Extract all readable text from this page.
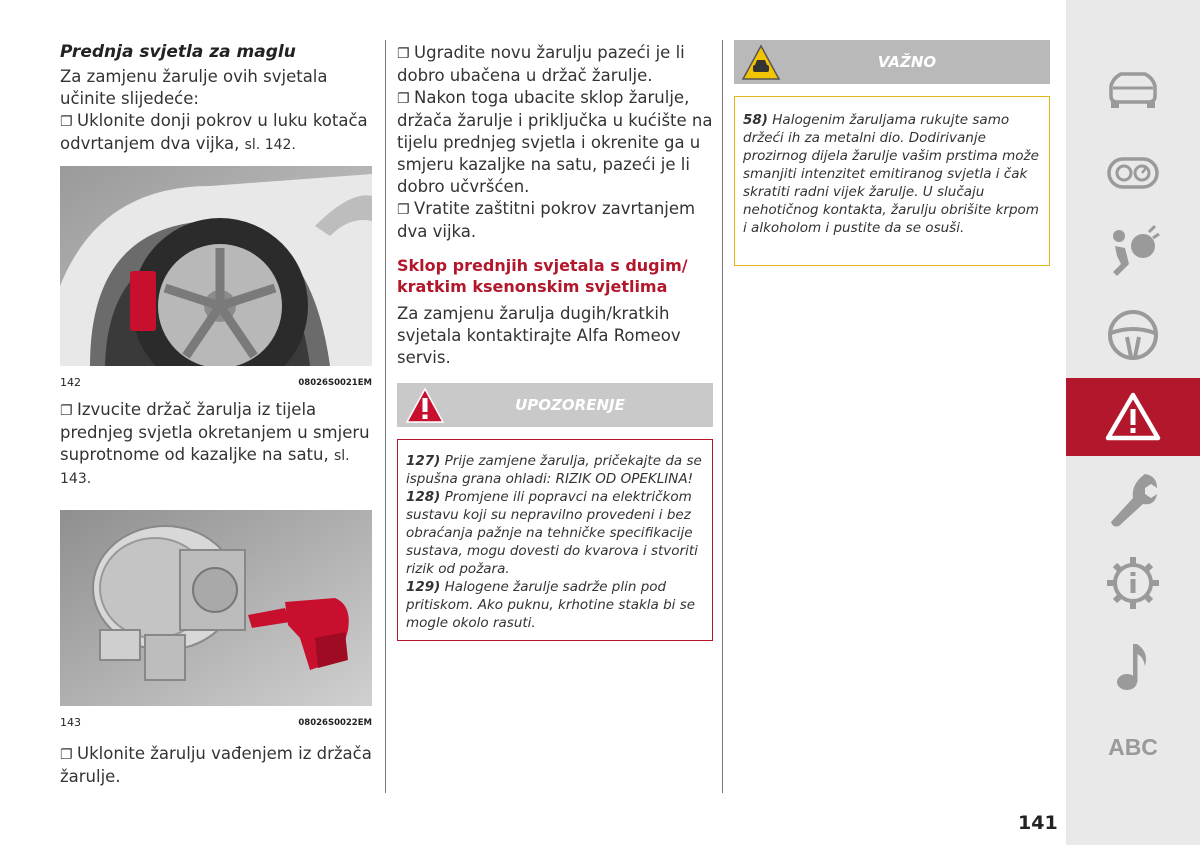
Prednja svjetla za maglu
Za zamjenu žarulje ovih svjetala učinite slijedeće:
❐ Uklonite donji pokrov u luku kotača odvrtanjem dva vijka, sl. 142.
142	08026S0021EM
❐ Izvucite držač žarulja iz tijela prednjeg svjetla okretanjem u smjeru suprotnome od kazaljke na satu, sl. 143.
143	08026S0022EM
❐ Uklonite žarulju vađenjem iz držača žarulje.
❐ Ugradite novu žarulju pazeći je li dobro ubačena u držač žarulje.
❐ Nakon toga ubacite sklop žarulje, držača žarulje i priključka u kućište na tijelu prednjeg svjetla i okrenite ga u smjeru kazaljke na satu, pazeći je li dobro učvršćen.
❐ Vratite zaštitni pokrov zavrtanjem dva vijka.
Sklop prednjih svjetala s dugim/ kratkim ksenonskim svjetlima
Za zamjenu žarulja dugih/kratkih svjetala kontaktirajte Alfa Romeov servis.
UPOZORENJE
127) Prije zamjene žarulja, pričekajte da se ispušna grana ohladi: RIZIK OD OPEKLINA!
128) Promjene ili popravci na električkom sustavu koji su nepravilno provedeni i bez obraćanja pažnje na tehničke specifikacije sustava, mogu dovesti do kvarova i stvoriti rizik od požara.
129) Halogene žarulje sadrže plin pod pritiskom. Ako puknu, krhotine stakla bi se mogle okolo rasuti.
VAŽNO
58) Halogenim žaruljama rukujte samo držeći ih za metalni dio. Dodirivanje prozirnog dijela žarulje vašim prstima može smanjiti intenzitet emitiranog svjetla i čak skratiti radni vijek žarulje. U slučaju nehotičnog kontakta, žarulju obrišite krpom i alkoholom i pustite da se osuši.
ABC
141
